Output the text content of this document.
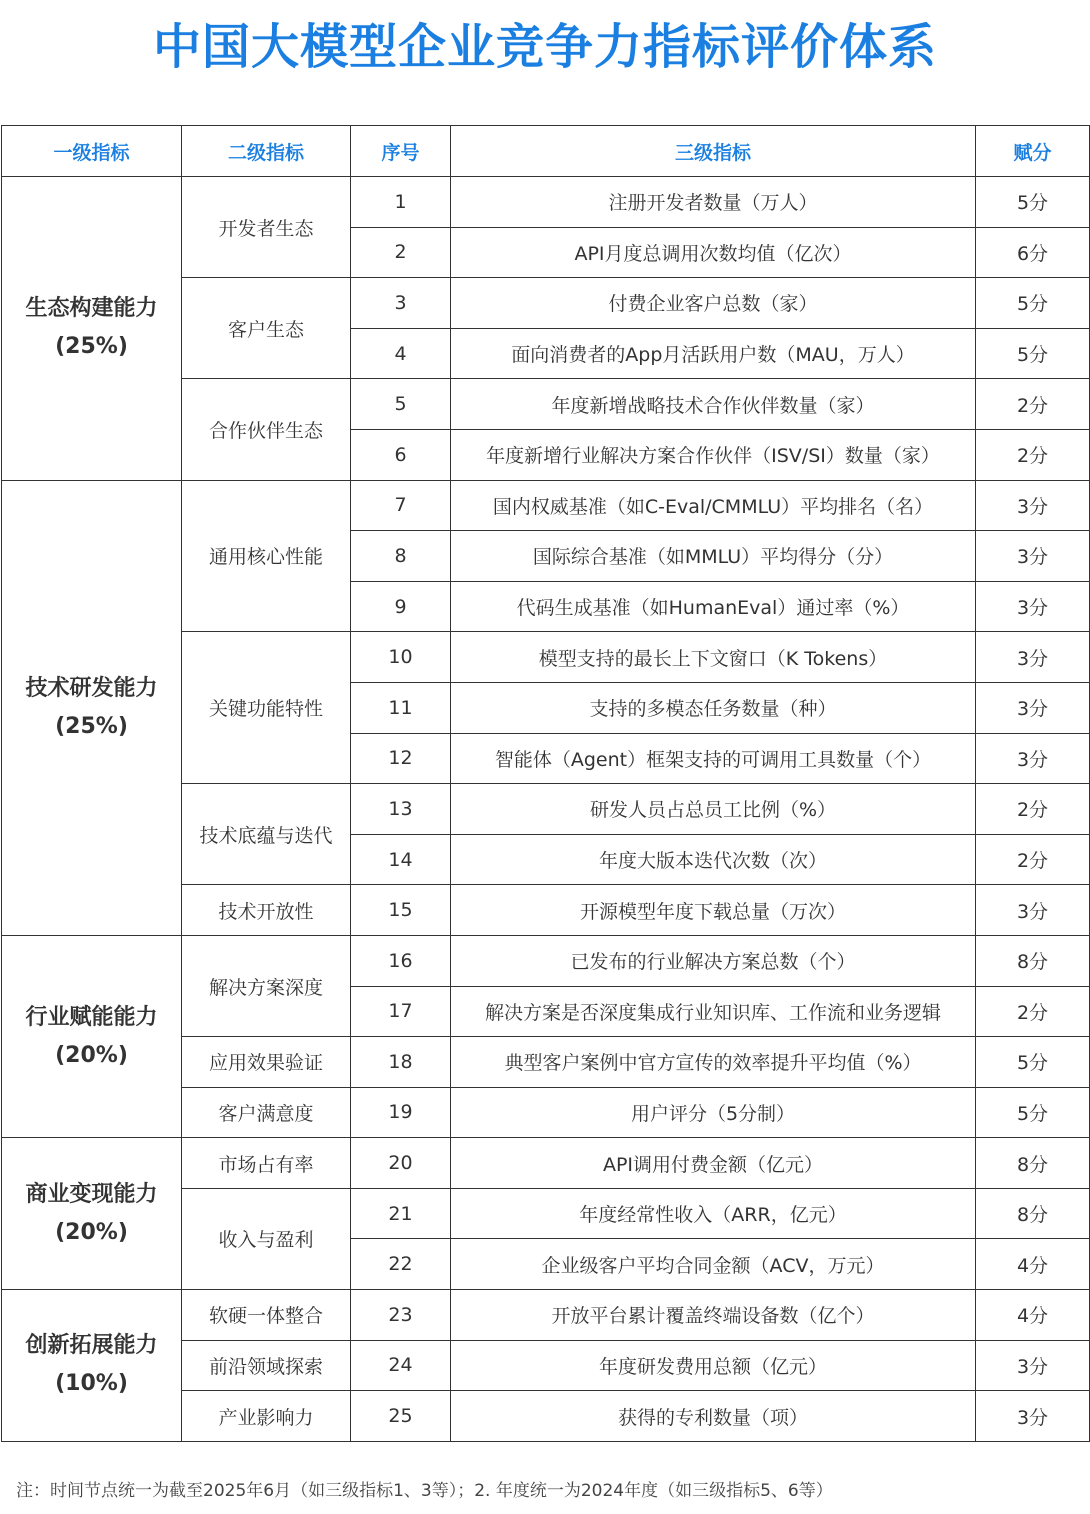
中国大模型企业竞争力指标评价体系
一级指标	二级指标	序号	三级指标	赋分

生态构建能力
(25%)	开发者生态	1	注册开发者数量（万人）	5分
		2	API月度总调用次数均值（亿次）	6分
	客户生态	3	付费企业客户总数（家）	5分
		4	面向消费者的App月活跃用户数（MAU，万人）	5分
	合作伙伴生态	5	年度新增战略技术合作伙伴数量（家）	2分
		6	年度新增行业解决方案合作伙伴（ISV/SI）数量（家）	2分

技术研发能力
(25%)	通用核心性能	7	国内权威基准（如C-Eval/CMMLU）平均排名（名）	3分
		8	国际综合基准（如MMLU）平均得分（分）	3分
		9	代码生成基准（如HumanEval）通过率（%）	3分
	关键功能特性	10	模型支持的最长上下文窗口（K Tokens）	3分
		11	支持的多模态任务数量（种）	3分
		12	智能体（Agent）框架支持的可调用工具数量（个）	3分
	技术底蕴与迭代	13	研发人员占总员工比例（%）	2分
		14	年度大版本迭代次数（次）	2分
	技术开放性	15	开源模型年度下载总量（万次）	3分

行业赋能能力
(20%)	解决方案深度	16	已发布的行业解决方案总数（个）	8分
		17	解决方案是否深度集成行业知识库、工作流和业务逻辑	2分
	应用效果验证	18	典型客户案例中官方宣传的效率提升平均值（%）	5分
	客户满意度	19	用户评分（5分制）	5分

商业变现能力
(20%)	市场占有率	20	API调用付费金额（亿元）	8分
	收入与盈利	21	年度经常性收入（ARR，亿元）	8分
		22	企业级客户平均合同金额（ACV，万元）	4分

创新拓展能力
(10%)	软硬一体整合	23	开放平台累计覆盖终端设备数（亿个）	4分
	前沿领域探索	24	年度研发费用总额（亿元）	3分
	产业影响力	25	获得的专利数量（项）	3分
注：时间节点统一为截至2025年6月（如三级指标1、3等）；2. 年度统一为2024年度（如三级指标5、6等）
